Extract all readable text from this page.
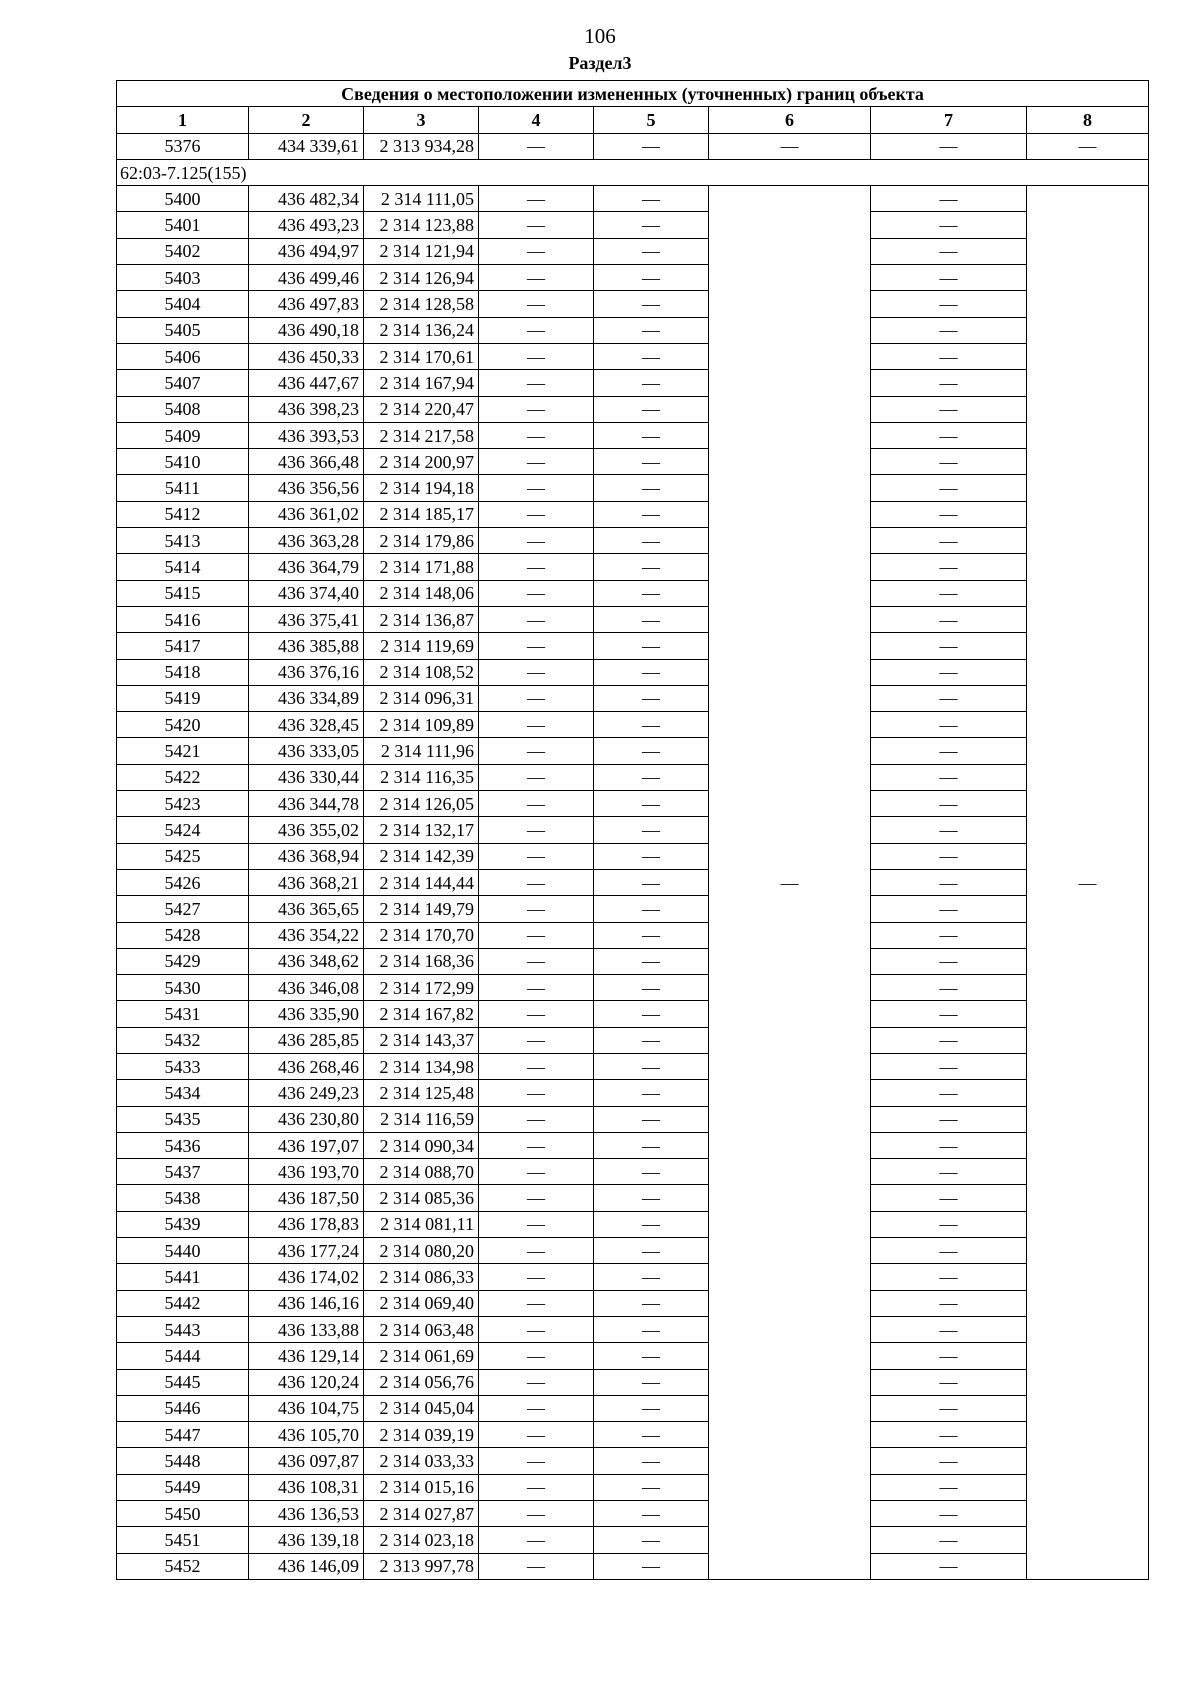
106
Раздел3
Сведения о местоположении измененных (уточненных) границ объекта							
1	2	3	4	5	6	7	8
5376	434 339,61	2 313 934,28	—	—	—	—	—
62:03-7.125(155)							
5400	436 482,34	2 314 111,05	—	—	—	—	—
5401	436 493,23	2 314 123,88	—	—		—	
5402	436 494,97	2 314 121,94	—	—		—	
5403	436 499,46	2 314 126,94	—	—		—	
5404	436 497,83	2 314 128,58	—	—		—	
5405	436 490,18	2 314 136,24	—	—		—	
5406	436 450,33	2 314 170,61	—	—		—	
5407	436 447,67	2 314 167,94	—	—		—	
5408	436 398,23	2 314 220,47	—	—		—	
5409	436 393,53	2 314 217,58	—	—		—	
5410	436 366,48	2 314 200,97	—	—		—	
5411	436 356,56	2 314 194,18	—	—		—	
5412	436 361,02	2 314 185,17	—	—		—	
5413	436 363,28	2 314 179,86	—	—		—	
5414	436 364,79	2 314 171,88	—	—		—	
5415	436 374,40	2 314 148,06	—	—		—	
5416	436 375,41	2 314 136,87	—	—		—	
5417	436 385,88	2 314 119,69	—	—		—	
5418	436 376,16	2 314 108,52	—	—		—	
5419	436 334,89	2 314 096,31	—	—		—	
5420	436 328,45	2 314 109,89	—	—		—	
5421	436 333,05	2 314 111,96	—	—		—	
5422	436 330,44	2 314 116,35	—	—		—	
5423	436 344,78	2 314 126,05	—	—		—	
5424	436 355,02	2 314 132,17	—	—		—	
5425	436 368,94	2 314 142,39	—	—		—	
5426	436 368,21	2 314 144,44	—	—		—	
5427	436 365,65	2 314 149,79	—	—		—	
5428	436 354,22	2 314 170,70	—	—		—	
5429	436 348,62	2 314 168,36	—	—		—	
5430	436 346,08	2 314 172,99	—	—		—	
5431	436 335,90	2 314 167,82	—	—		—	
5432	436 285,85	2 314 143,37	—	—		—	
5433	436 268,46	2 314 134,98	—	—		—	
5434	436 249,23	2 314 125,48	—	—		—	
5435	436 230,80	2 314 116,59	—	—		—	
5436	436 197,07	2 314 090,34	—	—		—	
5437	436 193,70	2 314 088,70	—	—		—	
5438	436 187,50	2 314 085,36	—	—		—	
5439	436 178,83	2 314 081,11	—	—		—	
5440	436 177,24	2 314 080,20	—	—		—	
5441	436 174,02	2 314 086,33	—	—		—	
5442	436 146,16	2 314 069,40	—	—		—	
5443	436 133,88	2 314 063,48	—	—		—	
5444	436 129,14	2 314 061,69	—	—		—	
5445	436 120,24	2 314 056,76	—	—		—	
5446	436 104,75	2 314 045,04	—	—		—	
5447	436 105,70	2 314 039,19	—	—		—	
5448	436 097,87	2 314 033,33	—	—		—	
5449	436 108,31	2 314 015,16	—	—		—	
5450	436 136,53	2 314 027,87	—	—		—	
5451	436 139,18	2 314 023,18	—	—		—	
5452	436 146,09	2 313 997,78	—	—		—	
